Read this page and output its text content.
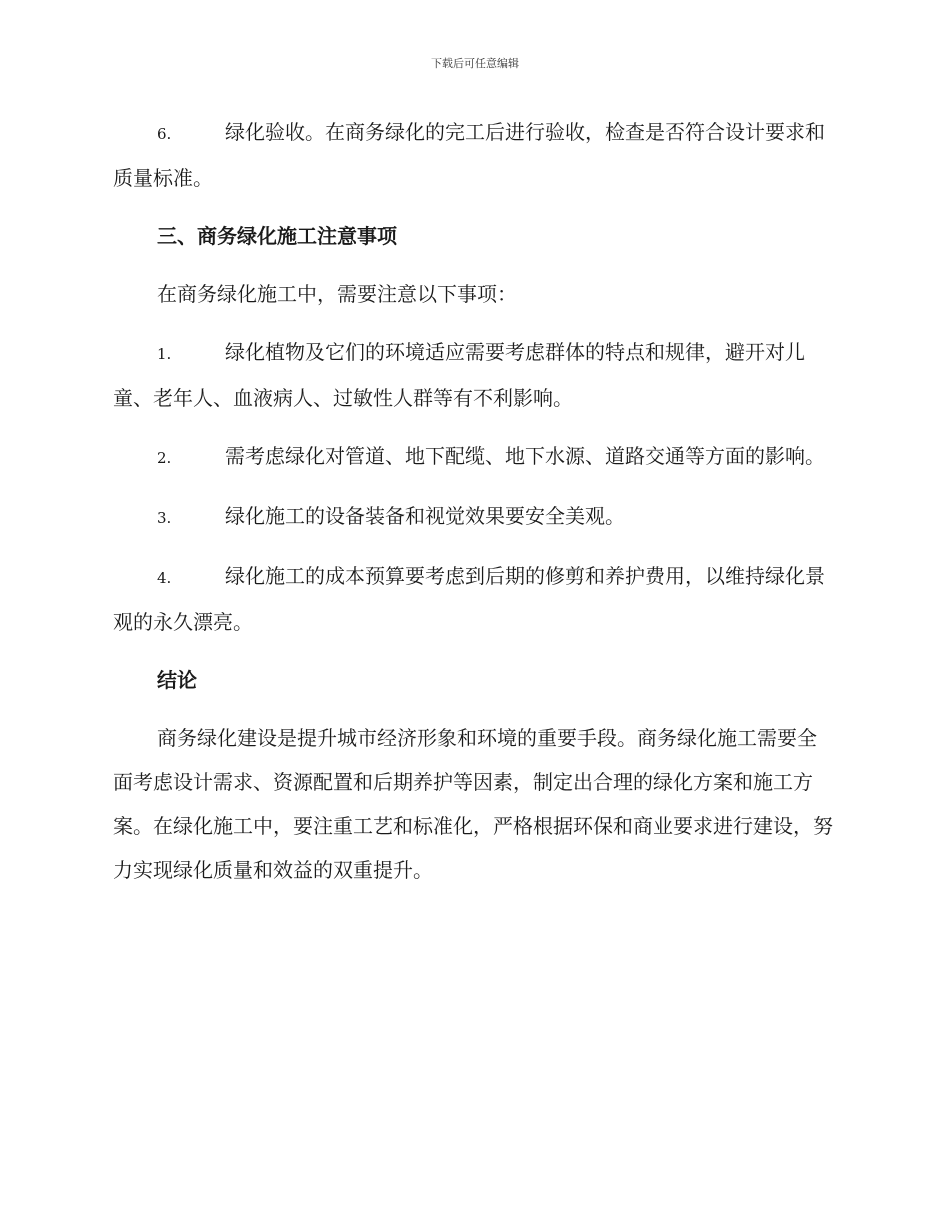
下载后可任意编辑
6.	绿化验收。在商务绿化的完工后进行验收，检查是否符合设计要求和质量标准。
三、商务绿化施工注意事项
在商务绿化施工中，需要注意以下事项：
1.	绿化植物及它们的环境适应需要考虑群体的特点和规律，避开对儿童、老年人、血液病人、过敏性人群等有不利影响。
2.	需考虑绿化对管道、地下配缆、地下水源、道路交通等方面的影响。
3.	绿化施工的设备装备和视觉效果要安全美观。
4.	绿化施工的成本预算要考虑到后期的修剪和养护费用，以维持绿化景观的永久漂亮。
结论
商务绿化建设是提升城市经济形象和环境的重要手段。商务绿化施工需要全面考虑设计需求、资源配置和后期养护等因素，制定出合理的绿化方案和施工方案。在绿化施工中，要注重工艺和标准化，严格根据环保和商业要求进行建设，努力实现绿化质量和效益的双重提升。
